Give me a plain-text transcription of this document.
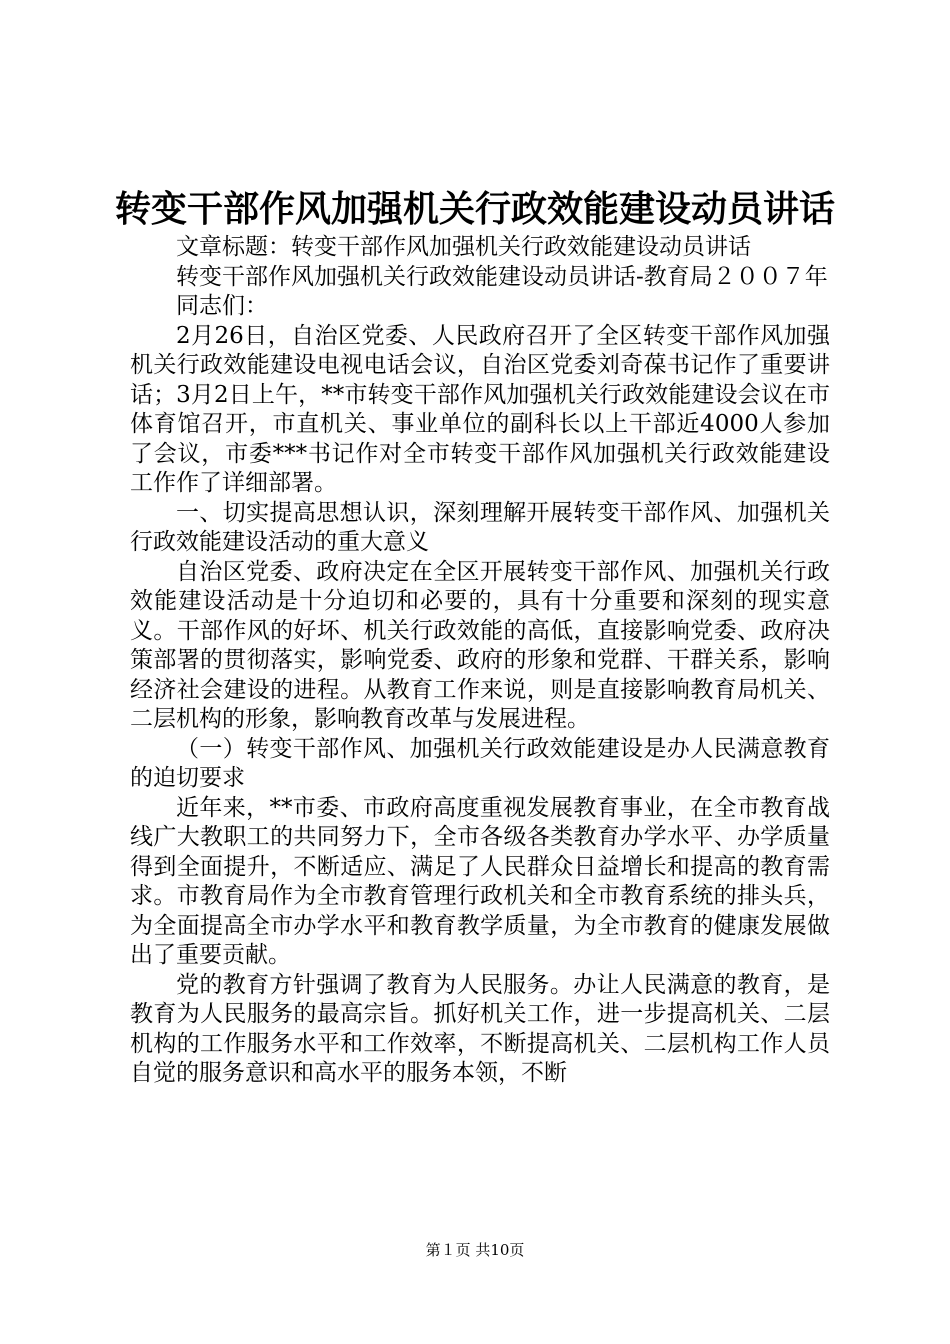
转变干部作风加强机关行政效能建设动员讲话

文章标题：转变干部作风加强机关行政效能建设动员讲话

转变干部作风加强机关行政效能建设动员讲话-教育局２００７年

同志们：

2月26日，自治区党委、人民政府召开了全区转变干部作风加强机关行政效能建设电视电话会议，自治区党委刘奇葆书记作了重要讲话；3月2日上午，**市转变干部作风加强机关行政效能建设会议在市体育馆召开，市直机关、事业单位的副科长以上干部近4000人参加了会议，市委***书记作对全市转变干部作风加强机关行政效能建设工作作了详细部署。

一、切实提高思想认识，深刻理解开展转变干部作风、加强机关行政效能建设活动的重大意义

自治区党委、政府决定在全区开展转变干部作风、加强机关行政效能建设活动是十分迫切和必要的，具有十分重要和深刻的现实意义。干部作风的好坏、机关行政效能的高低，直接影响党委、政府决策部署的贯彻落实，影响党委、政府的形象和党群、干群关系，影响经济社会建设的进程。从教育工作来说，则是直接影响教育局机关、二层机构的形象，影响教育改革与发展进程。

（一）转变干部作风、加强机关行政效能建设是办人民满意教育的迫切要求

近年来，**市委、市政府高度重视发展教育事业，在全市教育战线广大教职工的共同努力下，全市各级各类教育办学水平、办学质量得到全面提升，不断适应、满足了人民群众日益增长和提高的教育需求。市教育局作为全市教育管理行政机关和全市教育系统的排头兵，为全面提高全市办学水平和教育教学质量，为全市教育的健康发展做出了重要贡献。

党的教育方针强调了教育为人民服务。办让人民满意的教育，是教育为人民服务的最高宗旨。抓好机关工作，进一步提高机关、二层机构的工作服务水平和工作效率，不断提高机关、二层机构工作人员自觉的服务意识和高水平的服务本领，不断

第１页 共10页
